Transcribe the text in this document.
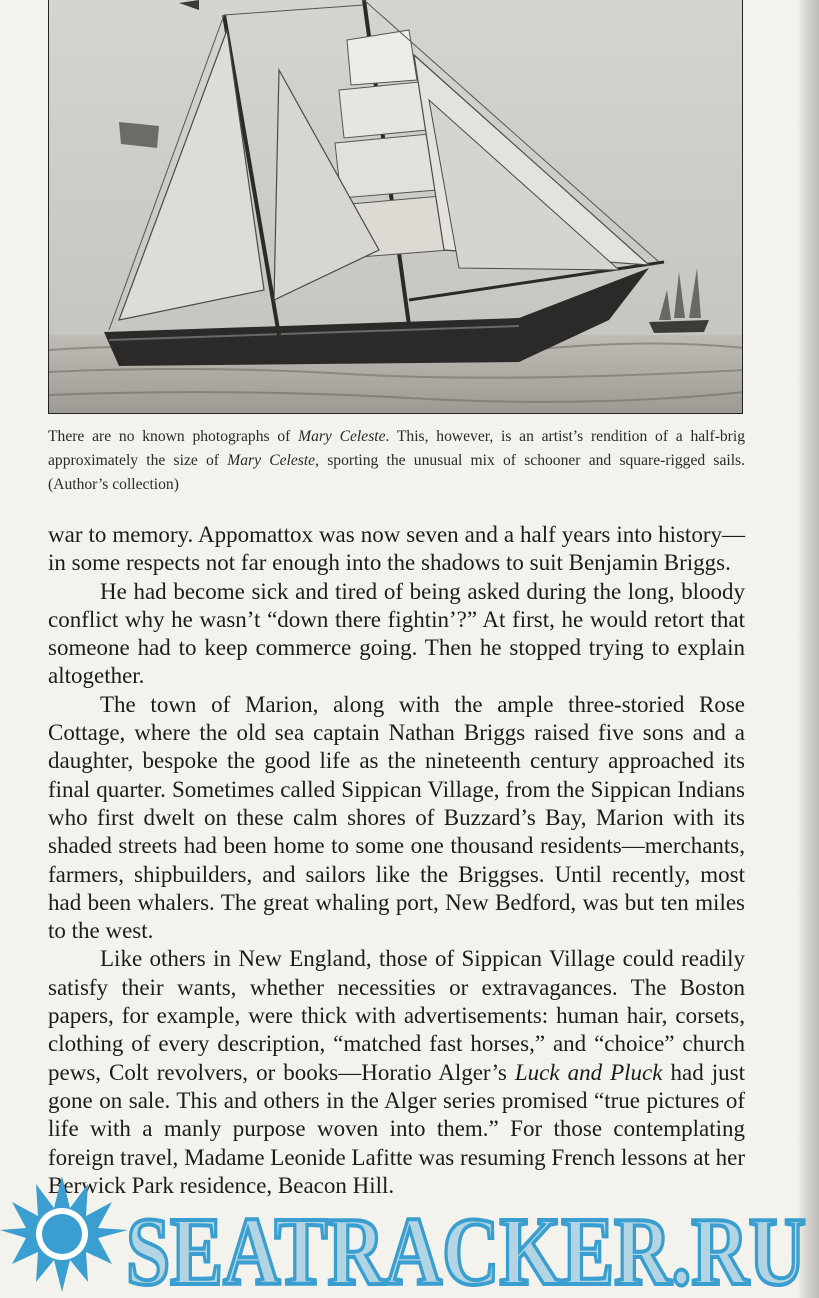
There are no known photographs of Mary Celeste. This, however, is an artist’s rendition of a half-brig approximately the size of Mary Celeste, sporting the unusual mix of schooner and square-rigged sails. (Author’s collection)

war to memory. Appomattox was now seven and a half years into history—in some respects not far enough into the shadows to suit Benjamin Briggs.

He had become sick and tired of being asked during the long, bloody conflict why he wasn’t “down there fightin’?” At first, he would retort that someone had to keep commerce going. Then he stopped trying to explain altogether.

The town of Marion, along with the ample three-storied Rose Cottage, where the old sea captain Nathan Briggs raised five sons and a daughter, bespoke the good life as the nineteenth century approached its final quarter. Sometimes called Sippican Village, from the Sippican Indians who first dwelt on these calm shores of Buzzard’s Bay, Marion with its shaded streets had been home to some one thousand residents—merchants, farmers, shipbuilders, and sailors like the Briggses. Until recently, most had been whalers. The great whaling port, New Bedford, was but ten miles to the west.

Like others in New England, those of Sippican Village could readily satisfy their wants, whether necessities or extravagances. The Boston papers, for example, were thick with advertisements: human hair, corsets, clothing of every description, “matched fast horses,” and “choice” church pews, Colt revolvers, or books—Horatio Alger’s Luck and Pluck had just gone on sale. This and others in the Alger series promised “true pictures of life with a manly purpose woven into them.” For those contemplating foreign travel, Madame Leonide Lafitte was resuming French lessons at her Berwick Park residence, Beacon Hill.

SEATRACKER.RU
SEATRACKER.RU
